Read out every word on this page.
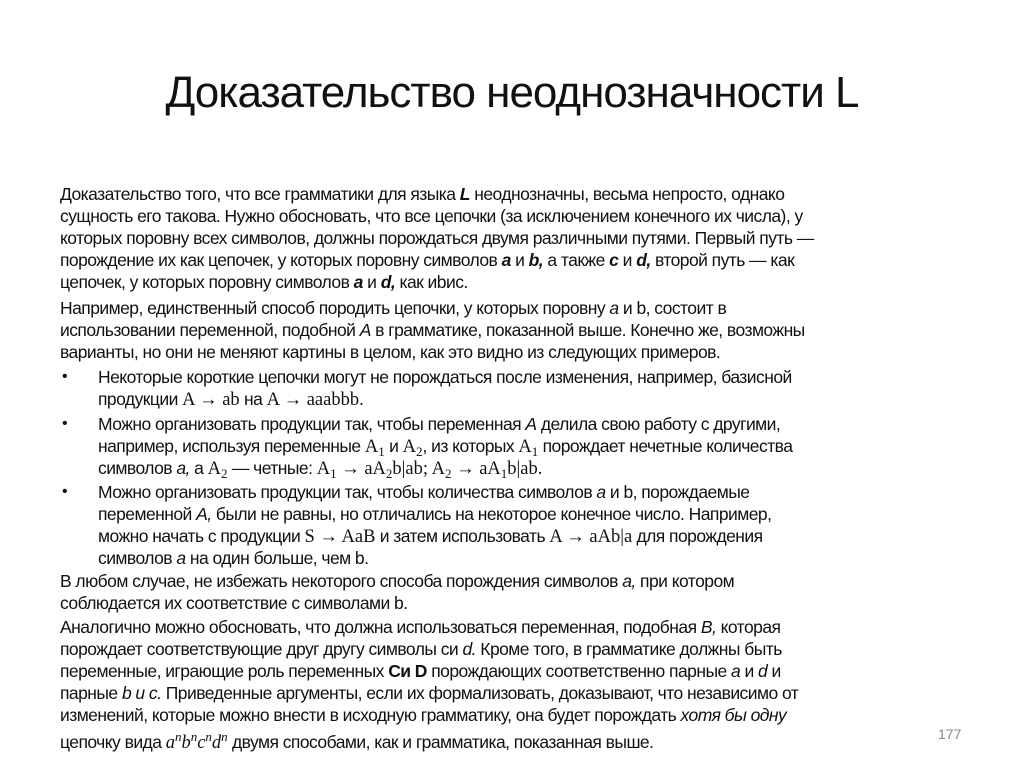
Доказательство неоднозначности L
Доказательство того, что все грамматики для языка L неоднозначны, весьма непросто, однако
сущность его такова. Нужно обосновать, что все цепочки (за исключением конечного их числа), у
которых поровну всех символов, должны порождаться двумя различными путями. Первый путь —
порождение их как цепочек, у которых поровну символов a и b, а также c и d, второй путь — как
цепочек, у которых поровну символов a и d, как иbис.
Например, единственный способ породить цепочки, у которых поровну a и b, состоит в
использовании переменной, подобной A в грамматике, показанной выше. Конечно же, возможны
варианты, но они не меняют картины в целом, как это видно из следующих примеров.
• Некоторые короткие цепочки могут не порождаться после изменения, например, базисной
продукции A → ab на A → aaabbb.
• Можно организовать продукции так, чтобы переменная A делила свою работу с другими,
например, используя переменные $A_1$ и $A_2$, из которых $A_1$ порождает нечетные количества
символов a, а $A_2$ — четные: $A_1 \to aA_2b|ab$; $A_2 \to aA_1b|ab$.
• Можно организовать продукции так, чтобы количества символов a и b, порождаемые
переменной A, были не равны, но отличались на некоторое конечное число. Например,
можно начать с продукции S → AaB и затем использовать A → aAb|a для порождения
символов a на один больше, чем b.
В любом случае, не избежать некоторого способа порождения символов a, при котором
соблюдается их соответствие с символами b.
Аналогично можно обосновать, что должна использоваться переменная, подобная B, которая
порождает соответствующие друг другу символы си d. Кроме того, в грамматике должны быть
переменные, играющие роль переменных Си D порождающих соответственно парные a и d и
парные b и c. Приведенные аргументы, если их формализовать, доказывают, что независимо от
изменений, которые можно внести в исходную грамматику, она будет порождать хотя бы одну
цепочку вида $a^nb^nc^nd^n$ двумя способами, как и грамматика, показанная выше.	177
